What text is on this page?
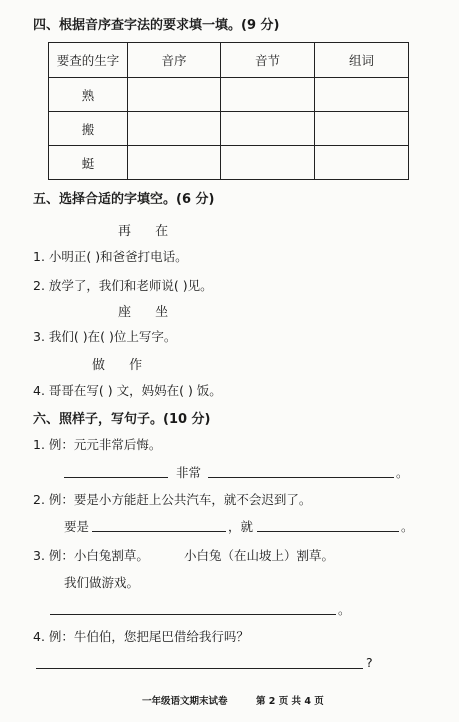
四、根据音序查字法的要求填一填。(9 分)
要查的生字	音序	音节	组词
熟			
搬			
蜓			
五、选择合适的字填空。(6 分)
再 在
1. 小明正( )和爸爸打电话。
2. 放学了，我们和老师说( )见。
座 坐
3. 我们( )在( )位上写字。
做 作
4. 哥哥在写( ) 文，妈妈在( ) 饭。
六、照样子，写句子。(10 分)
1. 例：元元非常后悔。
非常	。
2. 例：要是小方能赶上公共汽车，就不会迟到了。
要是	，就	。
3. 例：小白兔割草。	小白兔（在山坡上）割草。
我们做游戏。
。
4. 例：牛伯伯，您把尾巴借给我行吗？
?
一年级语文期末试卷	第 2 页 共 4 页
